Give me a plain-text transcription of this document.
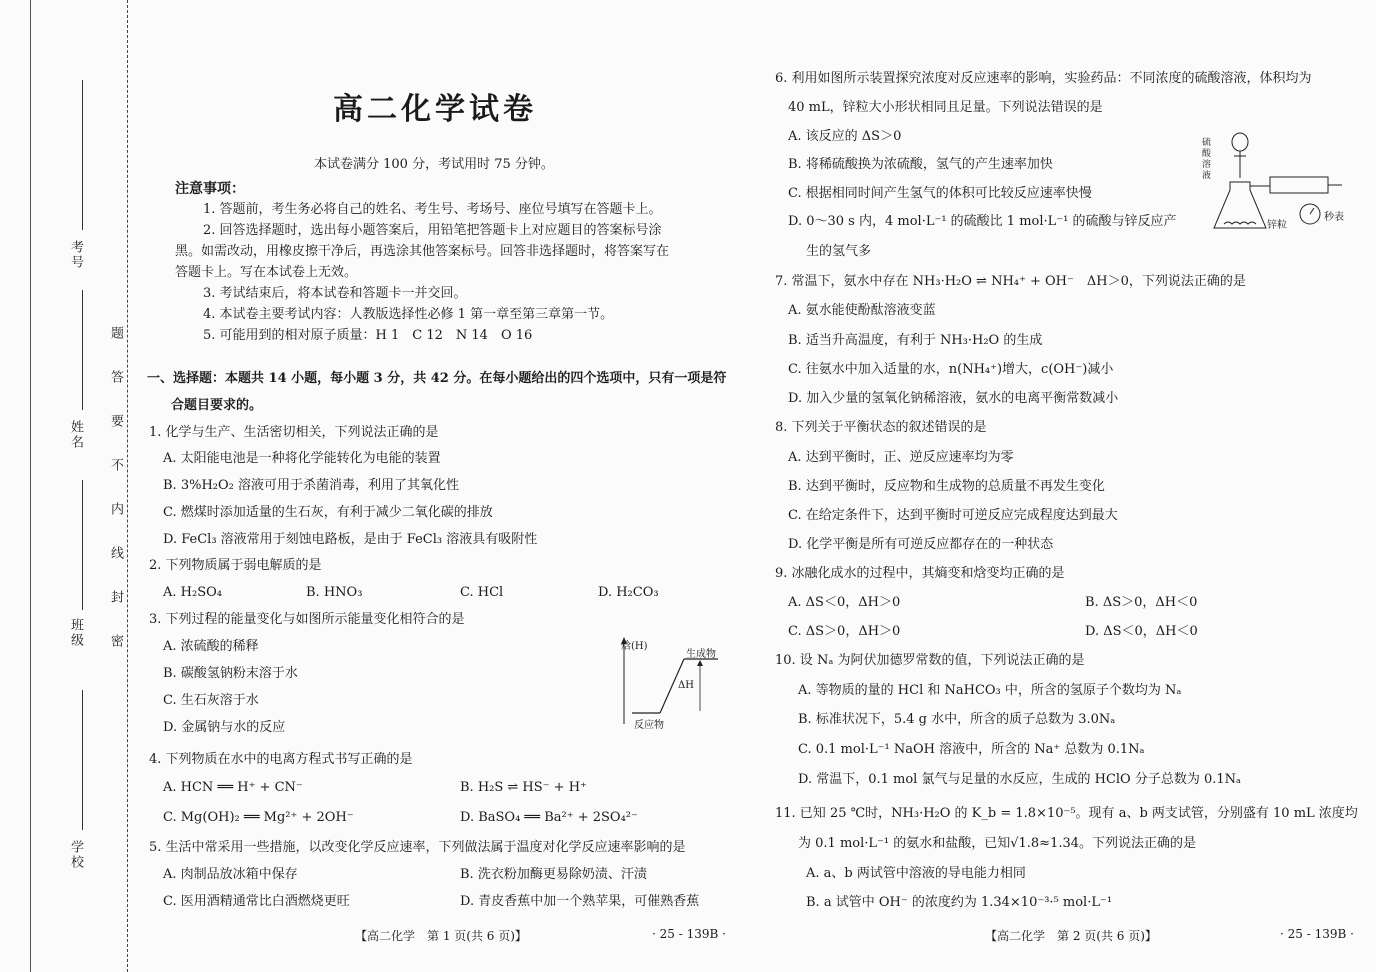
考号
姓名
班级
学校
题
答
要
不
内
线
封
密
高二化学试卷
本试卷满分 100 分，考试用时 75 分钟。
注意事项：
1. 答题前，考生务必将自己的姓名、考生号、考场号、座位号填写在答题卡上。
2. 回答选择题时，选出每小题答案后，用铅笔把答题卡上对应题目的答案标号涂
黑。如需改动，用橡皮擦干净后，再选涂其他答案标号。回答非选择题时，将答案写在
答题卡上。写在本试卷上无效。
3. 考试结束后，将本试卷和答题卡一并交回。
4. 本试卷主要考试内容：人教版选择性必修 1 第一章至第三章第一节。
5. 可能用到的相对原子质量：H 1　C 12　N 14　O 16
一、选择题：本题共 14 小题，每小题 3 分，共 42 分。在每小题给出的四个选项中，只有一项是符
合题目要求的。
1. 化学与生产、生活密切相关，下列说法正确的是
A. 太阳能电池是一种将化学能转化为电能的装置
B. 3%H₂O₂ 溶液可用于杀菌消毒，利用了其氧化性
C. 燃煤时添加适量的生石灰，有利于减少二氧化碳的排放
D. FeCl₃ 溶液常用于刻蚀电路板，是由于 FeCl₃ 溶液具有吸附性
2. 下列物质属于弱电解质的是
A. H₂SO₄	B. HNO₃	C. HCl	D. H₂CO₃
3. 下列过程的能量变化与如图所示能量变化相符合的是
A. 浓硫酸的稀释
B. 碳酸氢钠粉末溶于水
C. 生石灰溶于水
D. 金属钠与水的反应
焓(H)
生成物
ΔH
反应物
4. 下列物质在水中的电离方程式书写正确的是
A. HCN ══ H⁺ + CN⁻	B. H₂S ⇌ HS⁻ + H⁺
C. Mg(OH)₂ ══ Mg²⁺ + 2OH⁻	D. BaSO₄ ══ Ba²⁺ + 2SO₄²⁻
5. 生活中常采用一些措施，以改变化学反应速率，下列做法属于温度对化学反应速率影响的是
A. 肉制品放冰箱中保存	B. 洗衣粉加酶更易除奶渍、汗渍
C. 医用酒精通常比白酒燃烧更旺	D. 青皮香蕉中加一个熟苹果，可催熟香蕉
【高二化学　第 1 页(共 6 页)】	· 25 - 139B ·
6. 利用如图所示装置探究浓度对反应速率的影响，实验药品：不同浓度的硫酸溶液，体积均为
40 mL，锌粒大小形状相同且足量。下列说法错误的是
A. 该反应的 ΔS＞0
B. 将稀硫酸换为浓硫酸，氢气的产生速率加快
C. 根据相同时间产生氢气的体积可比较反应速率快慢
D. 0～30 s 内，4 mol·L⁻¹ 的硫酸比 1 mol·L⁻¹ 的硫酸与锌反应产
生的氢气多
硫酸溶液
锌粒
秒表
7. 常温下，氨水中存在 NH₃·H₂O ⇌ NH₄⁺ + OH⁻　ΔH＞0，下列说法正确的是
A. 氨水能使酚酞溶液变蓝
B. 适当升高温度，有利于 NH₃·H₂O 的生成
C. 往氨水中加入适量的水，n(NH₄⁺)增大，c(OH⁻)减小
D. 加入少量的氢氧化钠稀溶液，氨水的电离平衡常数减小
8. 下列关于平衡状态的叙述错误的是
A. 达到平衡时，正、逆反应速率均为零
B. 达到平衡时，反应物和生成物的总质量不再发生变化
C. 在给定条件下，达到平衡时可逆反应完成程度达到最大
D. 化学平衡是所有可逆反应都存在的一种状态
9. 冰融化成水的过程中，其熵变和焓变均正确的是
A. ΔS＜0，ΔH＞0	B. ΔS＞0，ΔH＜0
C. ΔS＞0，ΔH＞0	D. ΔS＜0，ΔH＜0
10. 设 Nₐ 为阿伏加德罗常数的值，下列说法正确的是
A. 等物质的量的 HCl 和 NaHCO₃ 中，所含的氢原子个数均为 Nₐ
B. 标准状况下，5.4 g 水中，所含的质子总数为 3.0Nₐ
C. 0.1 mol·L⁻¹ NaOH 溶液中，所含的 Na⁺ 总数为 0.1Nₐ
D. 常温下，0.1 mol 氯气与足量的水反应，生成的 HClO 分子总数为 0.1Nₐ
11. 已知 25 ℃时，NH₃·H₂O 的 K_b = 1.8×10⁻⁵。现有 a、b 两支试管，分别盛有 10 mL 浓度均
为 0.1 mol·L⁻¹ 的氨水和盐酸，已知√1.8≈1.34。下列说法正确的是
A. a、b 两试管中溶液的导电能力相同
B. a 试管中 OH⁻ 的浓度约为 1.34×10⁻³·⁵ mol·L⁻¹
【高二化学　第 2 页(共 6 页)】	· 25 - 139B ·
